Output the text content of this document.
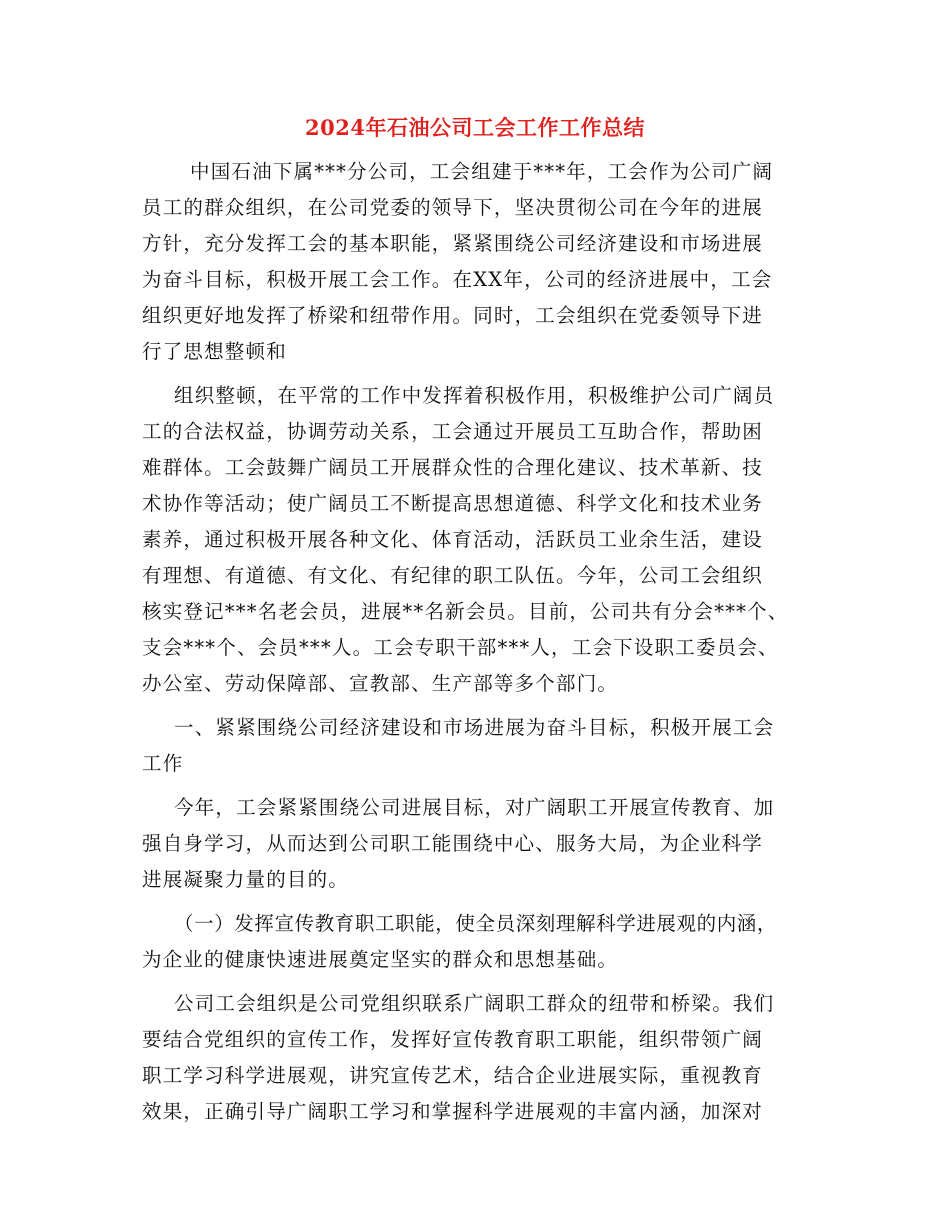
2024年石油公司工会工作工作总结
中国石油下属***分公司，工会组建于***年，工会作为公司广阔
员工的群众组织，在公司党委的领导下，坚决贯彻公司在今年的进展
方针，充分发挥工会的基本职能，紧紧围绕公司经济建设和市场进展
为奋斗目标，积极开展工会工作。在XX年，公司的经济进展中，工会
组织更好地发挥了桥梁和纽带作用。同时，工会组织在党委领导下进
行了思想整顿和
组织整顿，在平常的工作中发挥着积极作用，积极维护公司广阔员
工的合法权益，协调劳动关系，工会通过开展员工互助合作，帮助困
难群体。工会鼓舞广阔员工开展群众性的合理化建议、技术革新、技
术协作等活动；使广阔员工不断提高思想道德、科学文化和技术业务
素养，通过积极开展各种文化、体育活动，活跃员工业余生活，建设
有理想、有道德、有文化、有纪律的职工队伍。今年，公司工会组织
核实登记***名老会员，进展**名新会员。目前，公司共有分会***个、
支会***个、会员***人。工会专职干部***人，工会下设职工委员会、
办公室、劳动保障部、宣教部、生产部等多个部门。
一、紧紧围绕公司经济建设和市场进展为奋斗目标，积极开展工会
工作
今年，工会紧紧围绕公司进展目标，对广阔职工开展宣传教育、加
强自身学习，从而达到公司职工能围绕中心、服务大局，为企业科学
进展凝聚力量的目的。
（一）发挥宣传教育职工职能，使全员深刻理解科学进展观的内涵，
为企业的健康快速进展奠定坚实的群众和思想基础。
公司工会组织是公司党组织联系广阔职工群众的纽带和桥梁。我们
要结合党组织的宣传工作，发挥好宣传教育职工职能，组织带领广阔
职工学习科学进展观，讲究宣传艺术，结合企业进展实际，重视教育
效果，正确引导广阔职工学习和掌握科学进展观的丰富内涵，加深对
